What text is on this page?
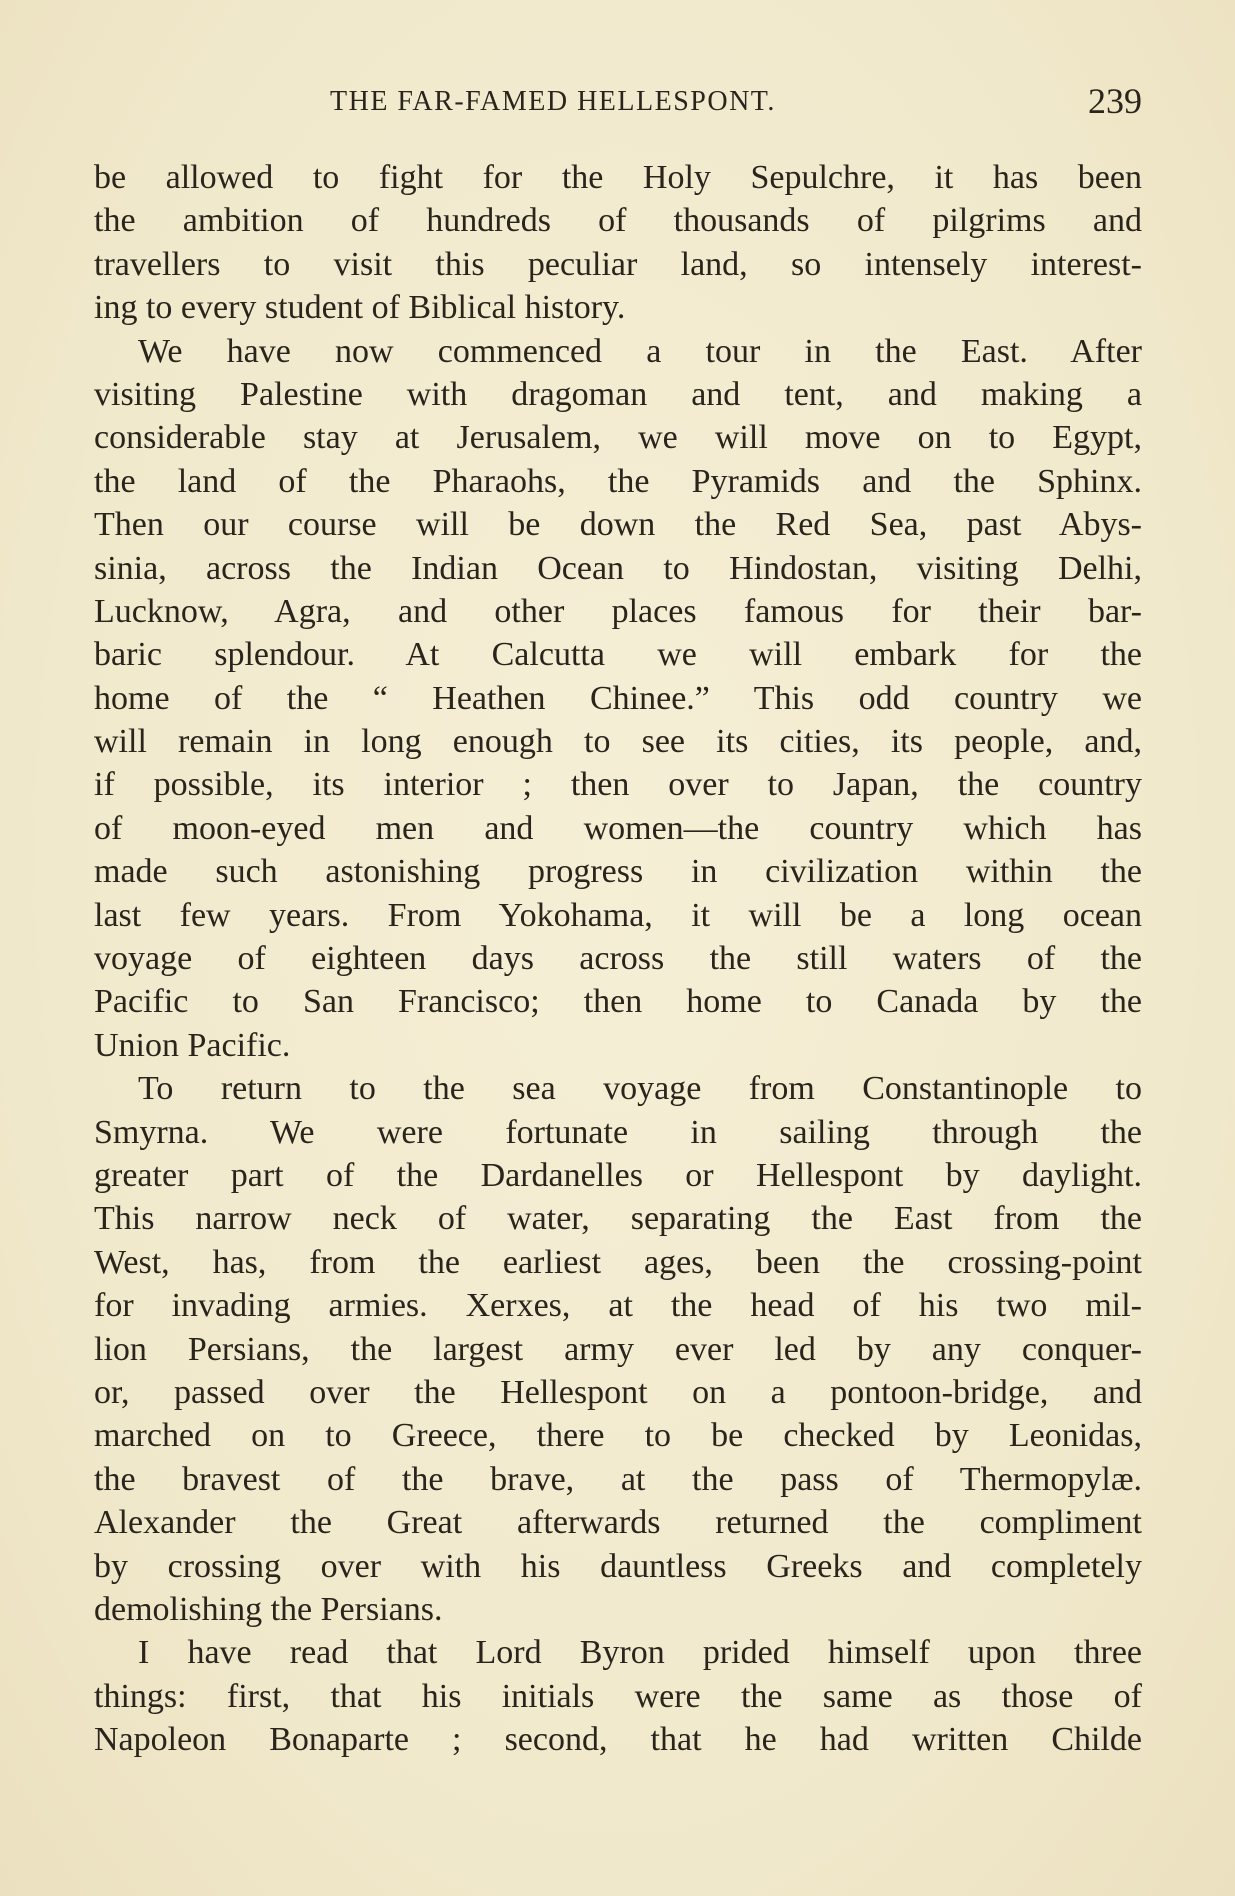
THE FAR-FAMED HELLESPONT.	239
be allowed to fight for the Holy Sepulchre, it has been
the ambition of hundreds of thousands of pilgrims and
travellers to visit this peculiar land, so intensely interest-
ing to every student of Biblical history.
We have now commenced a tour in the East. After
visiting Palestine with dragoman and tent, and making a
considerable stay at Jerusalem, we will move on to Egypt,
the land of the Pharaohs, the Pyramids and the Sphinx.
Then our course will be down the Red Sea, past Abys-
sinia, across the Indian Ocean to Hindostan, visiting Delhi,
Lucknow, Agra, and other places famous for their bar-
baric splendour. At Calcutta we will embark for the
home of the “ Heathen Chinee.” This odd country we
will remain in long enough to see its cities, its people, and,
if possible, its interior ; then over to Japan, the country
of moon-eyed men and women—the country which has
made such astonishing progress in civilization within the
last few years. From Yokohama, it will be a long ocean
voyage of eighteen days across the still waters of the
Pacific to San Francisco; then home to Canada by the
Union Pacific.
To return to the sea voyage from Constantinople to
Smyrna. We were fortunate in sailing through the
greater part of the Dardanelles or Hellespont by daylight.
This narrow neck of water, separating the East from the
West, has, from the earliest ages, been the crossing-point
for invading armies. Xerxes, at the head of his two mil-
lion Persians, the largest army ever led by any conquer-
or, passed over the Hellespont on a pontoon-bridge, and
marched on to Greece, there to be checked by Leonidas,
the bravest of the brave, at the pass of Thermopylæ.
Alexander the Great afterwards returned the compliment
by crossing over with his dauntless Greeks and completely
demolishing the Persians.
I have read that Lord Byron prided himself upon three
things: first, that his initials were the same as those of
Napoleon Bonaparte ; second, that he had written Childe
